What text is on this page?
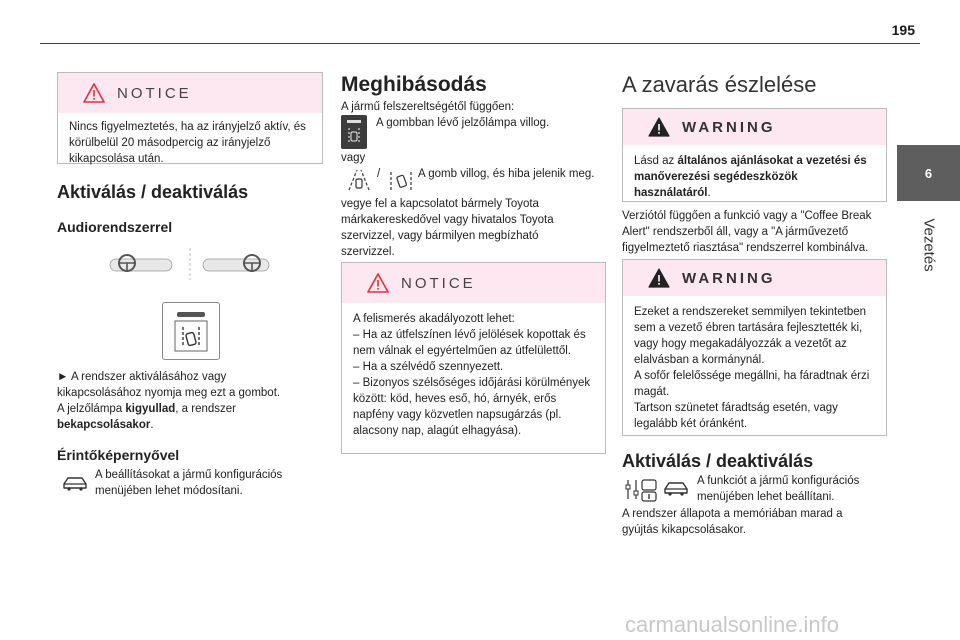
195
6
Vezetés
NOTICE
Nincs figyelmeztetés, ha az irányjelző aktív, és körülbelül 20 másodpercig az irányjelző kikapcsolása után.
Aktiválás / deaktiválás
Audiorendszerrel
► A rendszer aktiválásához vagy kikapcsolásához nyomja meg ezt a gombot.
A jelzőlámpa kigyullad, a rendszer
bekapcsolásakor.
Érintőképernyővel
A beállításokat a jármű konfigurációs menüjében lehet módosítani.
Meghibásodás
A jármű felszereltségétől függően:
A gombban lévő jelzőlámpa villog.
vagy
/	A gomb villog, és hiba jelenik meg.
vegye fel a kapcsolatot bármely Toyota márkakereskedővel vagy hivatalos Toyota szervizzel, vagy bármilyen megbízható szervizzel.
NOTICE
A felismerés akadályozott lehet:
– Ha az útfelszínen lévő jelölések kopottak és nem válnak el egyértelműen az útfelülettől.
– Ha a szélvédő szennyezett.
– Bizonyos szélsőséges időjárási körülmények között: köd, heves eső, hó, árnyék, erős napfény vagy közvetlen napsugárzás (pl. alacsony nap, alagút elhagyása).
A zavarás észlelése
WARNING
Lásd az általános ajánlásokat a vezetési és manőverezési segédeszközök használatáról.
Verziótól függően a funkció vagy a "Coffee Break Alert" rendszerből áll, vagy a "A járművezető figyelmeztető riasztása" rendszerrel kombinálva.
WARNING
Ezeket a rendszereket semmilyen tekintetben sem a vezető ébren tartására fejlesztették ki, vagy hogy megakadályozzák a vezetőt az elalvásban a kormánynál.
A sofőr felelőssége megállni, ha fáradtnak érzi magát.
Tartson szünetet fáradtság esetén, vagy legalább két óránként.
Aktiválás / deaktiválás
A funkciót a jármű konfigurációs menüjében lehet beállítani.
A rendszer állapota a memóriában marad a gyújtás kikapcsolásakor.
carmanualsonline.info
